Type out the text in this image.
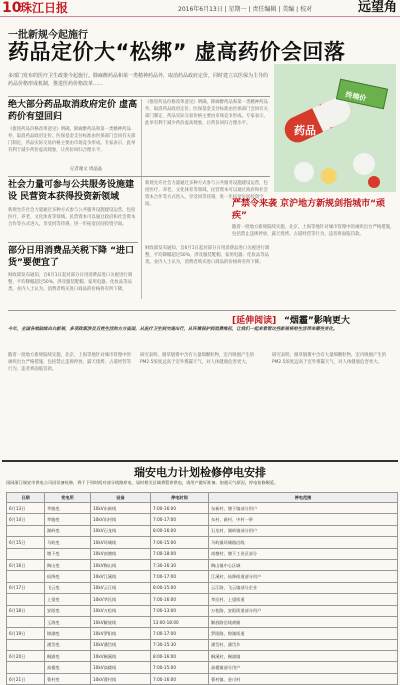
10
珠江日报	2016年6月13日 | 星期一 | 责任编辑 | 美编 | 校对	远望角
一批新规今起施行
药品定价大“松绑” 虚高药价会回落
多部门发布的医疗卫生政策今起施行。除麻醉药品和第一类精神药品外，取消药品政府定价，同时建立以医保为主导的药品价格形成机制，推进医药价格改革……
药品
终端价
绝大部分药品取消政府定价 虚高药价有望回归
《推进药品价格改革意见》明确，除麻醉药品和第一类精神药品外，取消药品政府定价。医保基金支付标准由医保部门会同有关部门制定，药品实际交易价格主要由市场竞争形成。专家表示，此举有利于减少药价虚高现象，让药价回归合理水平。
记者谢文 周晶晶
《推进药品价格改革意见》明确，除麻醉药品和第一类精神药品外，取消药品政府定价。医保基金支付标准由医保部门会同有关部门制定，药品实际交易价格主要由市场竞争形成。专家表示，此举有利于减少药价虚高现象，让药价回归合理水平。
社会力量可参与公共服务设施建设 民营资本获得投资新领域
新规允许社会力量通过多种方式参与公共服务设施建设运营，包括医疗、养老、文化体育等领域。民营资本可以通过政府和社会资本合作等方式进入，享受同等待遇，进一步拓宽民间投资空间。
新规允许社会力量通过多种方式参与公共服务设施建设运营，包括医疗、养老、文化体育等领域。民营资本可以通过政府和社会资本合作等方式进入，享受同等待遇，进一步拓宽民间投资空间。
部分日用消费品关税下降 “进口货”要便宜了
财政部发布通知，自6月1日起对部分日用消费品进口关税进行调整，平均降幅超过50%，涉及服装鞋帽、家用电器、化妆品等品类。业内人士认为，消费者购买进口商品的价格将有所下降。
财政部发布通知，自6月1日起对部分日用消费品进口关税进行调整，平均降幅超过50%，涉及服装鞋帽、家用电器、化妆品等品类。业内人士认为，消费者购买进口商品的价格将有所下降。
严禁令来袭 京沪地方新规剑指城市“顽疾”
随着一批地方新规陆续实施，北京、上海等地针对城市管理中的顽疾出台严格措施，包括禁止违规停放、露天烧烤、占道经营等行为，违者将面临罚款。
[延伸阅读] “烟霾”影响更大
今年，全国各地陆续出台新规，多项政策涉及百姓生活的方方面面，从医疗卫生到交通出行，从环境保护到消费维权，让我们一起来看看这些新规将给生活带来哪些变化。
随着一批地方新规陆续实施，北京、上海等地针对城市管理中的顽疾出台严格措施，包括禁止违规停放、露天烧烤、占道经营等行为，违者将面临罚款。
研究表明，烟草烟雾中含有大量细颗粒物，室内吸烟产生的PM2.5浓度远高于室外雾霾天气，对人体健康危害更大。
研究表明，烟草烟雾中含有大量细颗粒物，室内吸烟产生的PM2.5浓度远高于室外雾霾天气，对人体健康危害更大。
瑞安电力计划检修停电安排
国网浙江瑞安市供电公司因设备检修，将于下列时间对部分线路停电，届时相关区域将暂停供电，请用户做好准备。如遇天气原因，停电检修顺延。
日期	变电所	设备	停电时间	停电范围
6月13日	莘塍变	10kV东新线	7:00-16:00	东新村、塘下镇部分用户
6月14日	莘塍变	10kV东村线	7:00-17:00	东村、新村、中村一带
	湖岭变	10kV石龙线	8:00-16:00	石龙村、湖岭镇部分用户
6月15日	马屿变	10kV环城线	7:00-15:00	马屿镇环城路沿线
	塘下变	10kV南塘线	7:00-18:00	南塘村、塘下工业区部分
6月16日	陶山变	10kV陶山线	7:30-16:30	陶山镇中心区域
	仙降变	10kV江溪线	7:00-17:00	江溪村、仙降街道部分用户
6月17日	飞云变	10kV云江线	8:00-15:00	云江路、飞云镇部分企业
	上望变	10kV莘民线	7:00-16:00	莘民村、上望街道
6月18日	安阳变	10kV万松线	7:00-13:00	万松路、安阳街道部分用户
	玉海变	10kV解放线	13:00-18:00	解放路沿线商铺
6月19日	锦湖变	10kV罗阳线	7:00-17:00	罗阳路、锦湖街道
	潘岱变	10kV潘岱线	7:30-15:30	潘岱村、潘岱乡
6月20日	桐浦变	10kV桐溪线	8:00-16:00	桐溪村、桐浦镇
	高楼变	10kV高楼线	7:00-15:00	高楼镇部分用户
6月21日	曹村变	10kV曹村线	7:00-16:00	曹村镇、金川村
